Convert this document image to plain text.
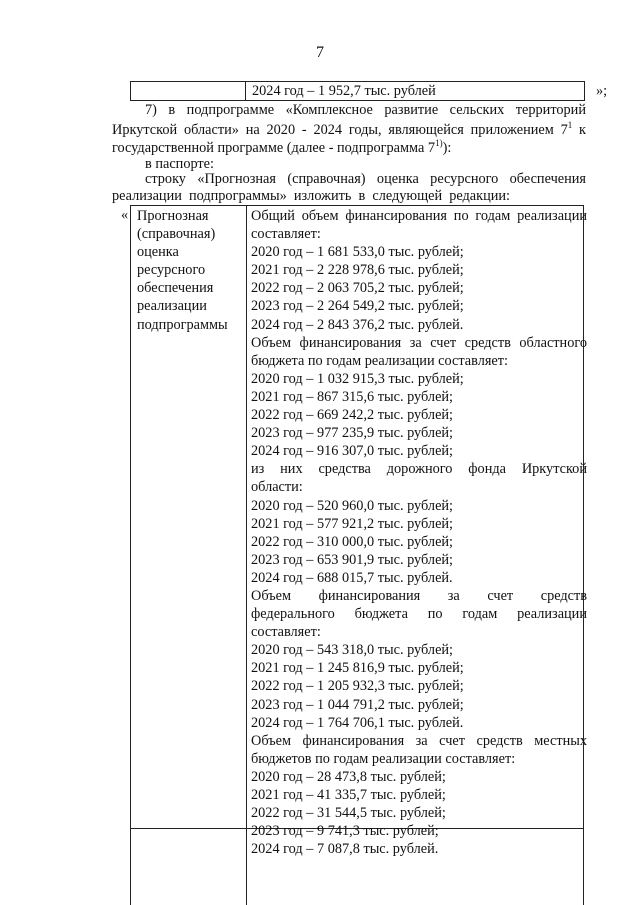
7
2024 год – 1 952,7 тыс. рублей	»;
7) в подпрограмме «Комплексное развитие сельских территорий
Иркутской области» на 2020 - 2024 годы, являющейся приложением $7^1$ к
государственной программе (далее - подпрограмма 7$^{1)}$):
в паспорте:
строку «Прогнозная (справочная) оценка ресурсного обеспечения
реализации подпрограммы» изложить в следующей редакции:
« Прогнозная
(справочная)
оценка
ресурсного
обеспечения
реализации
подпрограммы
Общий объем финансирования по годам реализации
составляет:
2020 год – 1 681 533,0 тыс. рублей;
2021 год – 2 228 978,6 тыс. рублей;
2022 год – 2 063 705,2 тыс. рублей;
2023 год – 2 264 549,2 тыс. рублей;
2024 год – 2 843 376,2 тыс. рублей.
Объем финансирования за счет средств областного
бюджета по годам реализации составляет:
2020 год – 1 032 915,3 тыс. рублей;
2021 год – 867 315,6 тыс. рублей;
2022 год – 669 242,2 тыс. рублей;
2023 год – 977 235,9 тыс. рублей;
2024 год – 916 307,0 тыс. рублей;
из них средства дорожного фонда Иркутской
области:
2020 год – 520 960,0 тыс. рублей;
2021 год – 577 921,2 тыс. рублей;
2022 год – 310 000,0 тыс. рублей;
2023 год – 653 901,9 тыс. рублей;
2024 год – 688 015,7 тыс. рублей.
Объем финансирования за счет средств
федерального бюджета по годам реализации
составляет:
2020 год – 543 318,0 тыс. рублей;
2021 год – 1 245 816,9 тыс. рублей;
2022 год – 1 205 932,3 тыс. рублей;
2023 год – 1 044 791,2 тыс. рублей;
2024 год – 1 764 706,1 тыс. рублей.
Объем финансирования за счет средств местных
бюджетов по годам реализации составляет:
2020 год – 28 473,8 тыс. рублей;
2021 год – 41 335,7 тыс. рублей;
2022 год – 31 544,5 тыс. рублей;
2023 год – 9 741,3 тыс. рублей;
2024 год – 7 087,8 тыс. рублей.
